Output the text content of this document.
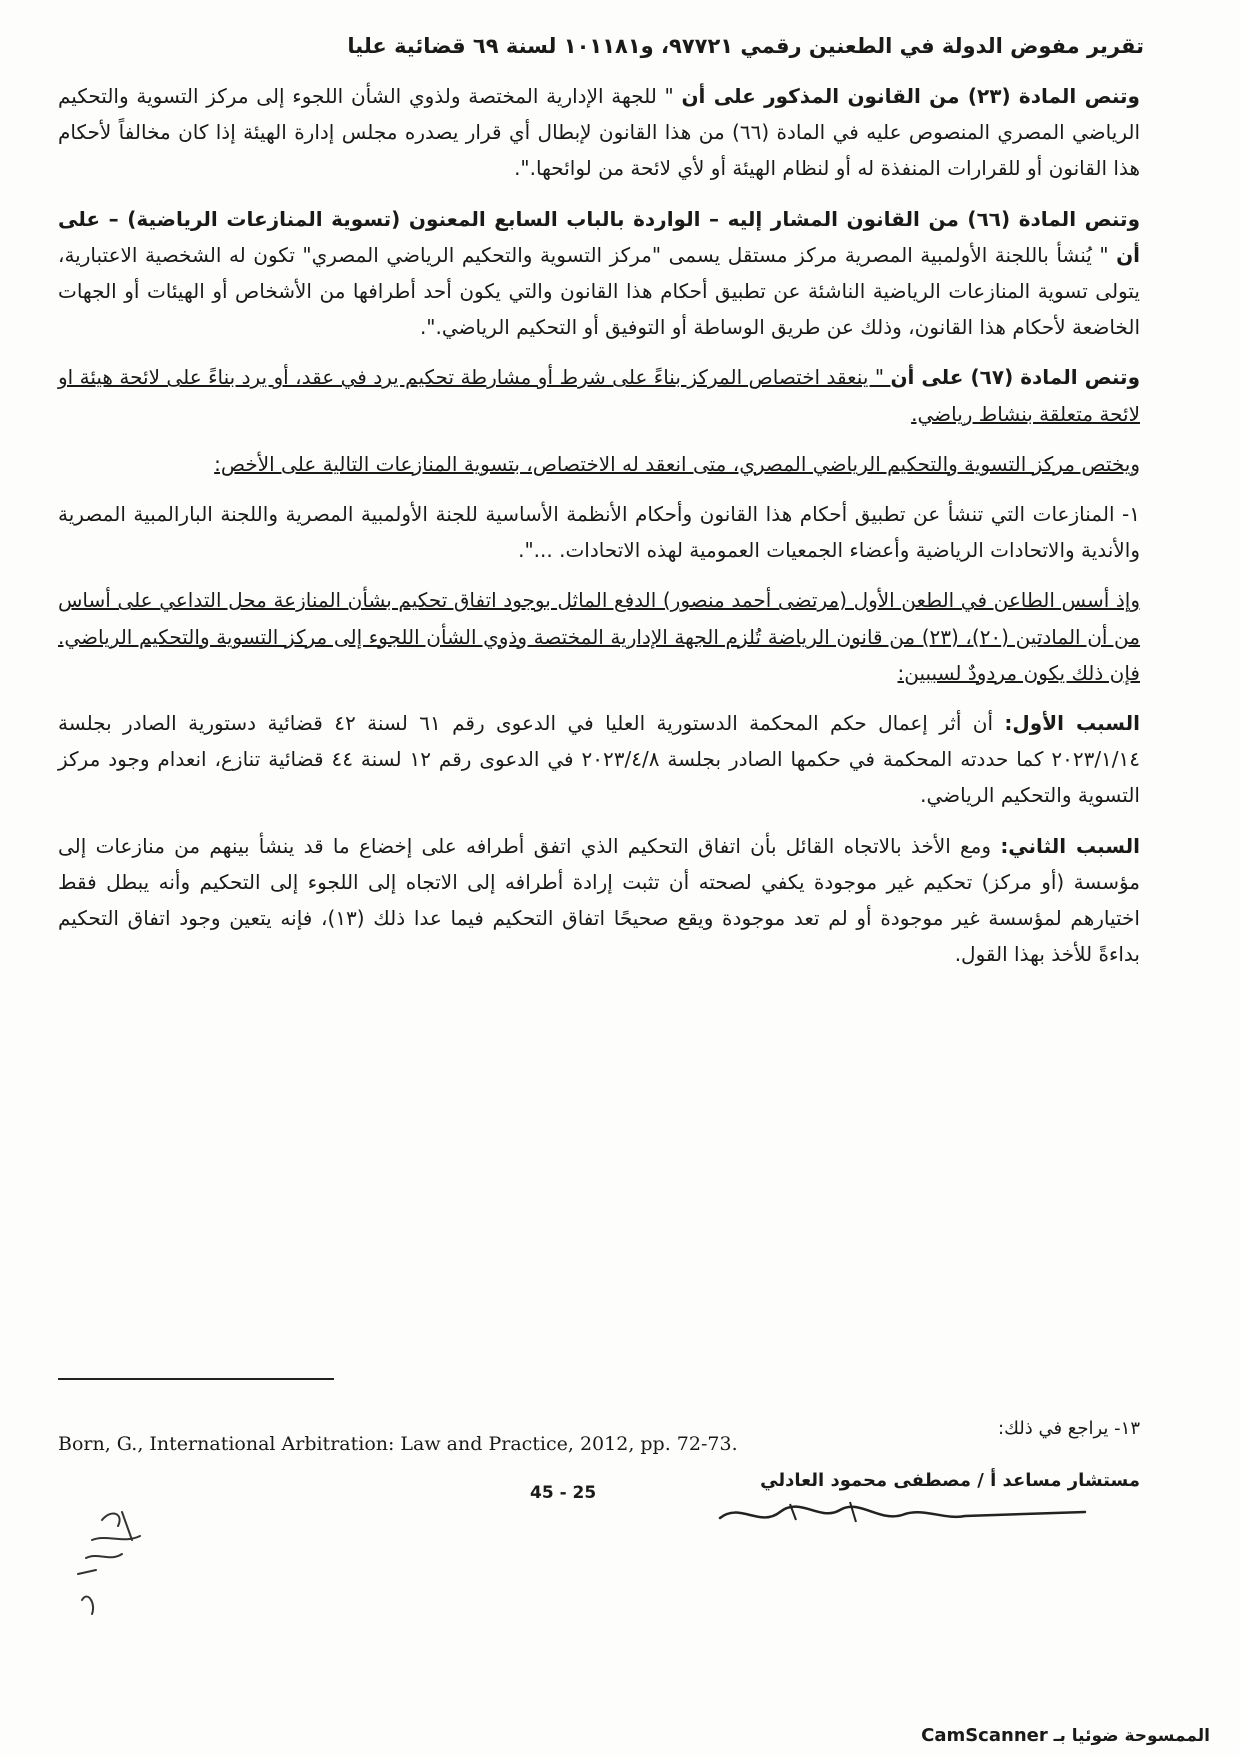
تقرير مفوض الدولة في الطعنين رقمي ٩٧٧٢١، و١٠١١٨١ لسنة ٦٩ قضائية عليا

وتنص المادة (٢٣) من القانون المذكور على أن " للجهة الإدارية المختصة ولذوي الشأن اللجوء إلى مركز التسوية والتحكيم الرياضي المصري المنصوص عليه في المادة (٦٦) من هذا القانون لإبطال أي قرار يصدره مجلس إدارة الهيئة إذا كان مخالفاً لأحكام هذا القانون أو للقرارات المنفذة له أو لنظام الهيئة أو لأي لائحة من لوائحها.".

وتنص المادة (٦٦) من القانون المشار إليه – الواردة بالباب السابع المعنون (تسوية المنازعات الرياضية) – على أن " يُنشأ باللجنة الأولمبية المصرية مركز مستقل يسمى "مركز التسوية والتحكيم الرياضي المصري" تكون له الشخصية الاعتبارية، يتولى تسوية المنازعات الرياضية الناشئة عن تطبيق أحكام هذا القانون والتي يكون أحد أطرافها من الأشخاص أو الهيئات أو الجهات الخاضعة لأحكام هذا القانون، وذلك عن طريق الوساطة أو التوفيق أو التحكيم الرياضي.".

وتنص المادة (٦٧) على أن " ينعقد اختصاص المركز بناءً على شرط أو مشارطة تحكيم يرد في عقد، أو يرد بناءً على لائحة هيئة او لائحة متعلقة بنشاط رياضي.

ويختص مركز التسوية والتحكيم الرياضي المصري، متى انعقد له الاختصاص، بتسوية المنازعات التالية على الأخص:

١- المنازعات التي تنشأ عن تطبيق أحكام هذا القانون وأحكام الأنظمة الأساسية للجنة الأولمبية المصرية واللجنة البارالمبية المصرية والأندية والاتحادات الرياضية وأعضاء الجمعيات العمومية لهذه الاتحادات. ...".

وإذ أسس الطاعن في الطعن الأول (مرتضى أحمد منصور) الدفع الماثل بوجود اتفاق تحكيم بشأن المنازعة محل التداعي على أساس من أن المادتين (٢٠)، (٢٣) من قانون الرياضة تُلزم الجهة الإدارية المختصة وذوي الشأن اللجوء إلى مركز التسوية والتحكيم الرياضي. فإن ذلك يكون مردودٌ لسببين:

السبب الأول: أن أثر إعمال حكم المحكمة الدستورية العليا في الدعوى رقم ٦١ لسنة ٤٢ قضائية دستورية الصادر بجلسة ٢٠٢٣/١/١٤ كما حددته المحكمة في حكمها الصادر بجلسة ٢٠٢٣/٤/٨ في الدعوى رقم ١٢ لسنة ٤٤ قضائية تنازع، انعدام وجود مركز التسوية والتحكيم الرياضي.

السبب الثاني: ومع الأخذ بالاتجاه القائل بأن اتفاق التحكيم الذي اتفق أطرافه على إخضاع ما قد ينشأ بينهم من منازعات إلى مؤسسة (أو مركز) تحكيم غير موجودة يكفي لصحته أن تثبت إرادة أطرافه إلى الاتجاه إلى اللجوء إلى التحكيم وأنه يبطل فقط اختيارهم لمؤسسة غير موجودة أو لم تعد موجودة ويقع صحيحًا اتفاق التحكيم فيما عدا ذلك (١٣)، فإنه يتعين وجود اتفاق التحكيم بداءةً للأخذ بهذا القول.

١٣- يراجع في ذلك:
Born, G., International Arbitration: Law and Practice, 2012, pp. 72-73.
45 - 25
مستشار مساعد أ / مصطفى محمود العادلي
الممسوحة ضوئيا بـ CamScanner
